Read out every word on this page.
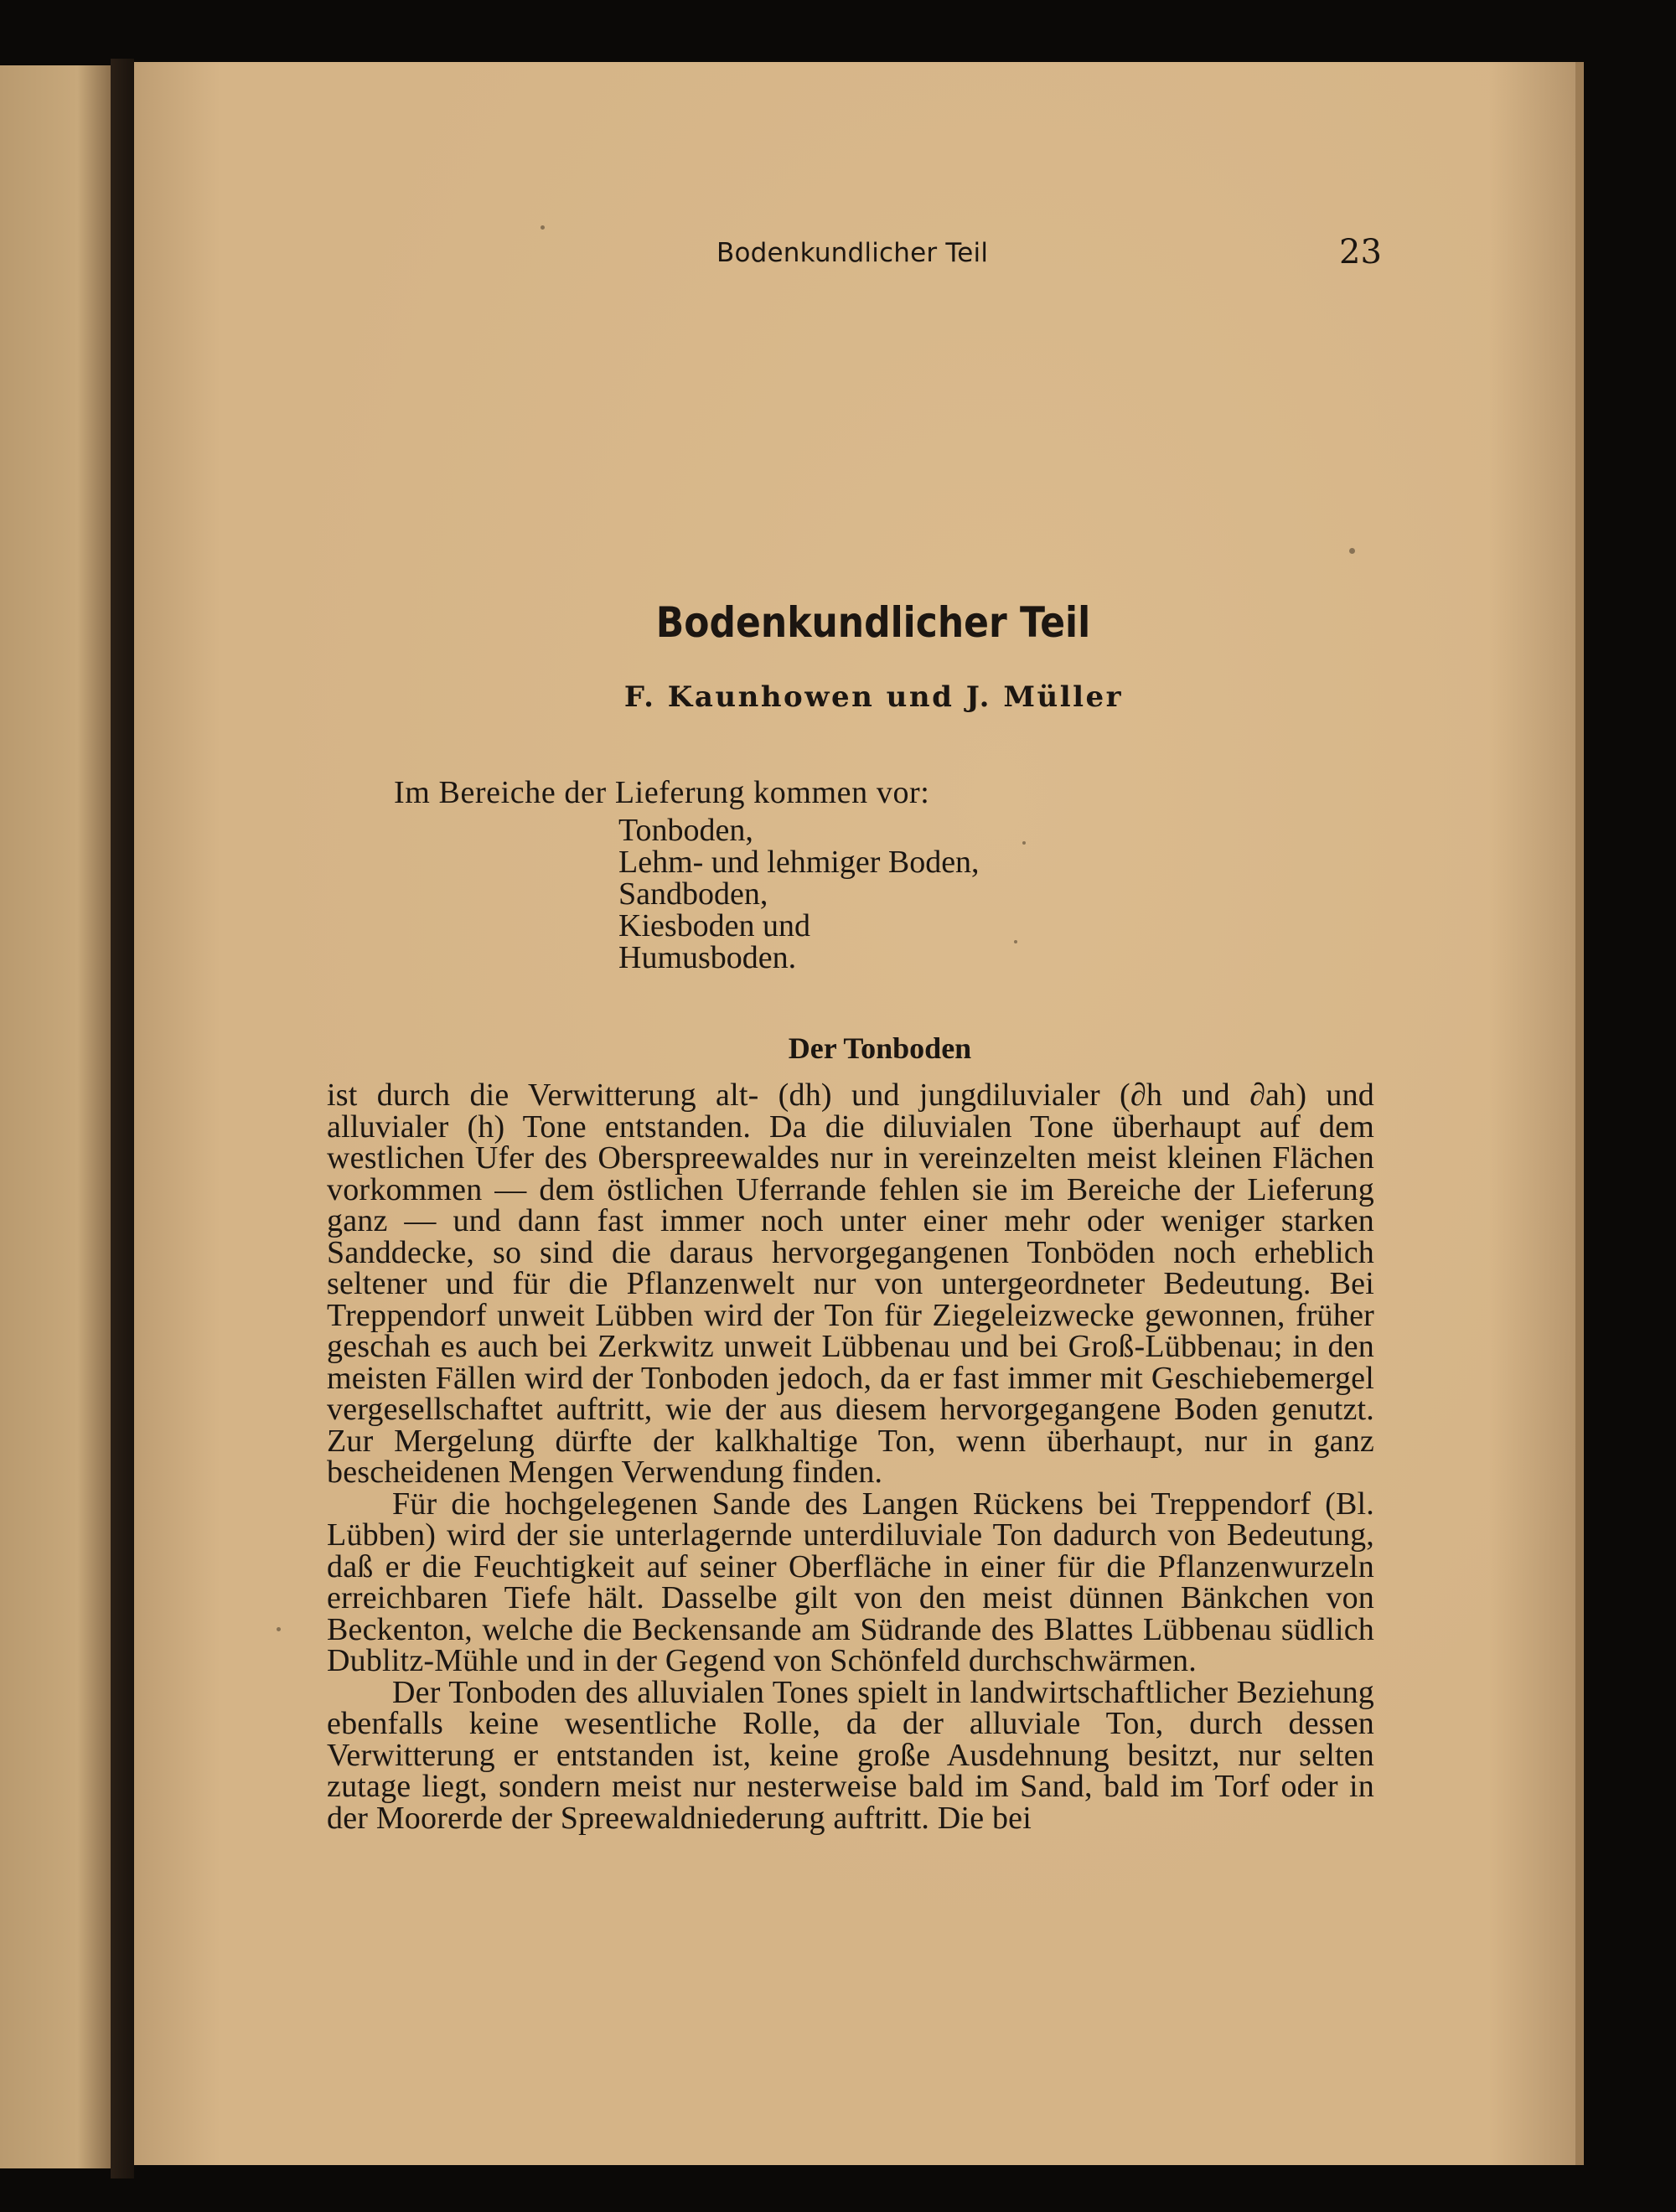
Bodenkundlicher Teil	23
Bodenkundlicher Teil
F. Kaunhowen und J. Müller
Im Bereiche der Lieferung kommen vor:
Tonboden,
Lehm- und lehmiger Boden,
Sandboden,
Kiesboden und
Humusboden.
Der Tonboden

ist durch die Verwitterung alt- (dh) und jungdiluvialer (∂h und ∂ah) und alluvialer (h) Tone entstanden. Da die diluvialen Tone überhaupt auf dem westlichen Ufer des Oberspreewaldes nur in vereinzelten meist kleinen Flächen vorkommen — dem östlichen Uferrande fehlen sie im Bereiche der Lieferung ganz — und dann fast immer noch unter einer mehr oder weniger starken Sanddecke, so sind die daraus hervorgegangenen Tonböden noch erheblich seltener und für die Pflanzenwelt nur von untergeordneter Bedeutung. Bei Treppendorf unweit Lübben wird der Ton für Ziegeleizwecke gewonnen, früher geschah es auch bei Zerkwitz unweit Lübbenau und bei Groß-Lübbenau; in den meisten Fällen wird der Tonboden jedoch, da er fast immer mit Geschiebemergel vergesellschaftet auftritt, wie der aus diesem hervorgegangene Boden genutzt. Zur Mergelung dürfte der kalkhaltige Ton, wenn überhaupt, nur in ganz bescheidenen Mengen Verwendung finden.

Für die hochgelegenen Sande des Langen Rückens bei Treppendorf (Bl. Lübben) wird der sie unterlagernde unterdiluviale Ton dadurch von Bedeutung, daß er die Feuchtigkeit auf seiner Oberfläche in einer für die Pflanzenwurzeln erreichbaren Tiefe hält. Dasselbe gilt von den meist dünnen Bänkchen von Beckenton, welche die Beckensande am Südrande des Blattes Lübbenau südlich Dublitz-Mühle und in der Gegend von Schönfeld durchschwärmen.

Der Tonboden des alluvialen Tones spielt in landwirtschaftlicher Beziehung ebenfalls keine wesentliche Rolle, da der alluviale Ton, durch dessen Verwitterung er entstanden ist, keine große Ausdehnung besitzt, nur selten zutage liegt, sondern meist nur nesterweise bald im Sand, bald im Torf oder in der Moorerde der Spreewaldniederung auftritt. Die bei
